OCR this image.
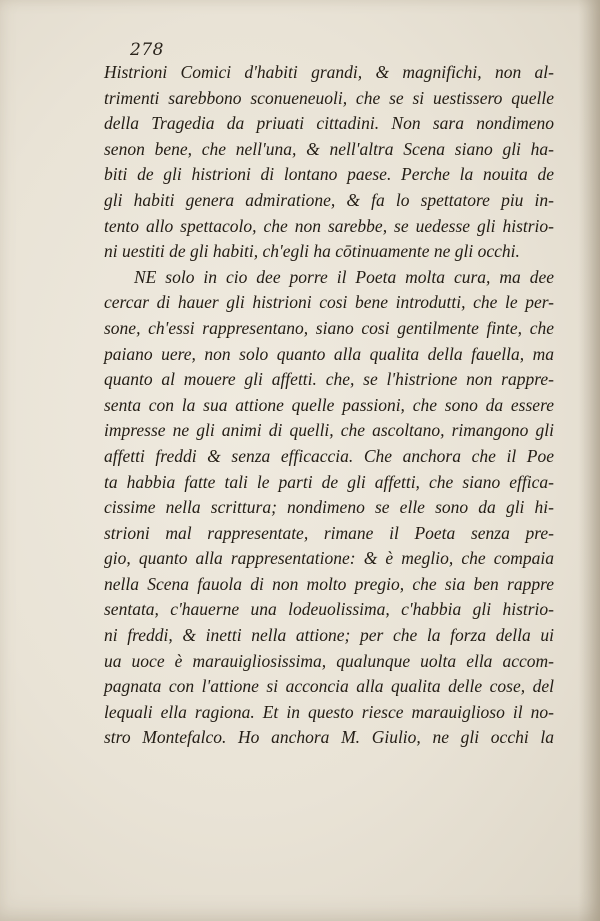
278
Histrioni Comici d'habiti grandi, & magnifichi, non al-
trimenti sarebbono sconueneuoli, che se si uestissero quelle
della Tragedia da priuati cittadini. Non sara nondimeno
senon bene, che nell'una, & nell'altra Scena siano gli ha-
biti de gli histrioni di lontano paese. Perche la nouita de
gli habiti genera admiratione, & fa lo spettatore piu in-
tento allo spettacolo, che non sarebbe, se uedesse gli histrio-
ni uestiti de gli habiti, ch'egli ha cōtinuamente ne gli occhi.
NE solo in cio dee porre il Poeta molta cura, ma dee
cercar di hauer gli histrioni cosi bene introdutti, che le per-
sone, ch'essi rappresentano, siano cosi gentilmente finte, che
paiano uere, non solo quanto alla qualita della fauella, ma
quanto al mouere gli affetti. che, se l'histrione non rappre-
senta con la sua attione quelle passioni, che sono da essere
impresse ne gli animi di quelli, che ascoltano, rimangono gli
affetti freddi & senza efficaccia. Che anchora che il Poe
ta habbia fatte tali le parti de gli affetti, che siano effica-
cissime nella scrittura; nondimeno se elle sono da gli hi-
strioni mal rappresentate, rimane il Poeta senza pre-
gio, quanto alla rappresentatione: & è meglio, che compaia
nella Scena fauola di non molto pregio, che sia ben rappre
sentata, c'hauerne una lodeuolissima, c'habbia gli histrio-
ni freddi, & inetti nella attione; per che la forza della ui
ua uoce è marauigliosissima, qualunque uolta ella accom-
pagnata con l'attione si acconcia alla qualita delle cose, del
lequali ella ragiona. Et in questo riesce marauiglioso il no-
stro Montefalco. Ho anchora M. Giulio, ne gli occhi la
